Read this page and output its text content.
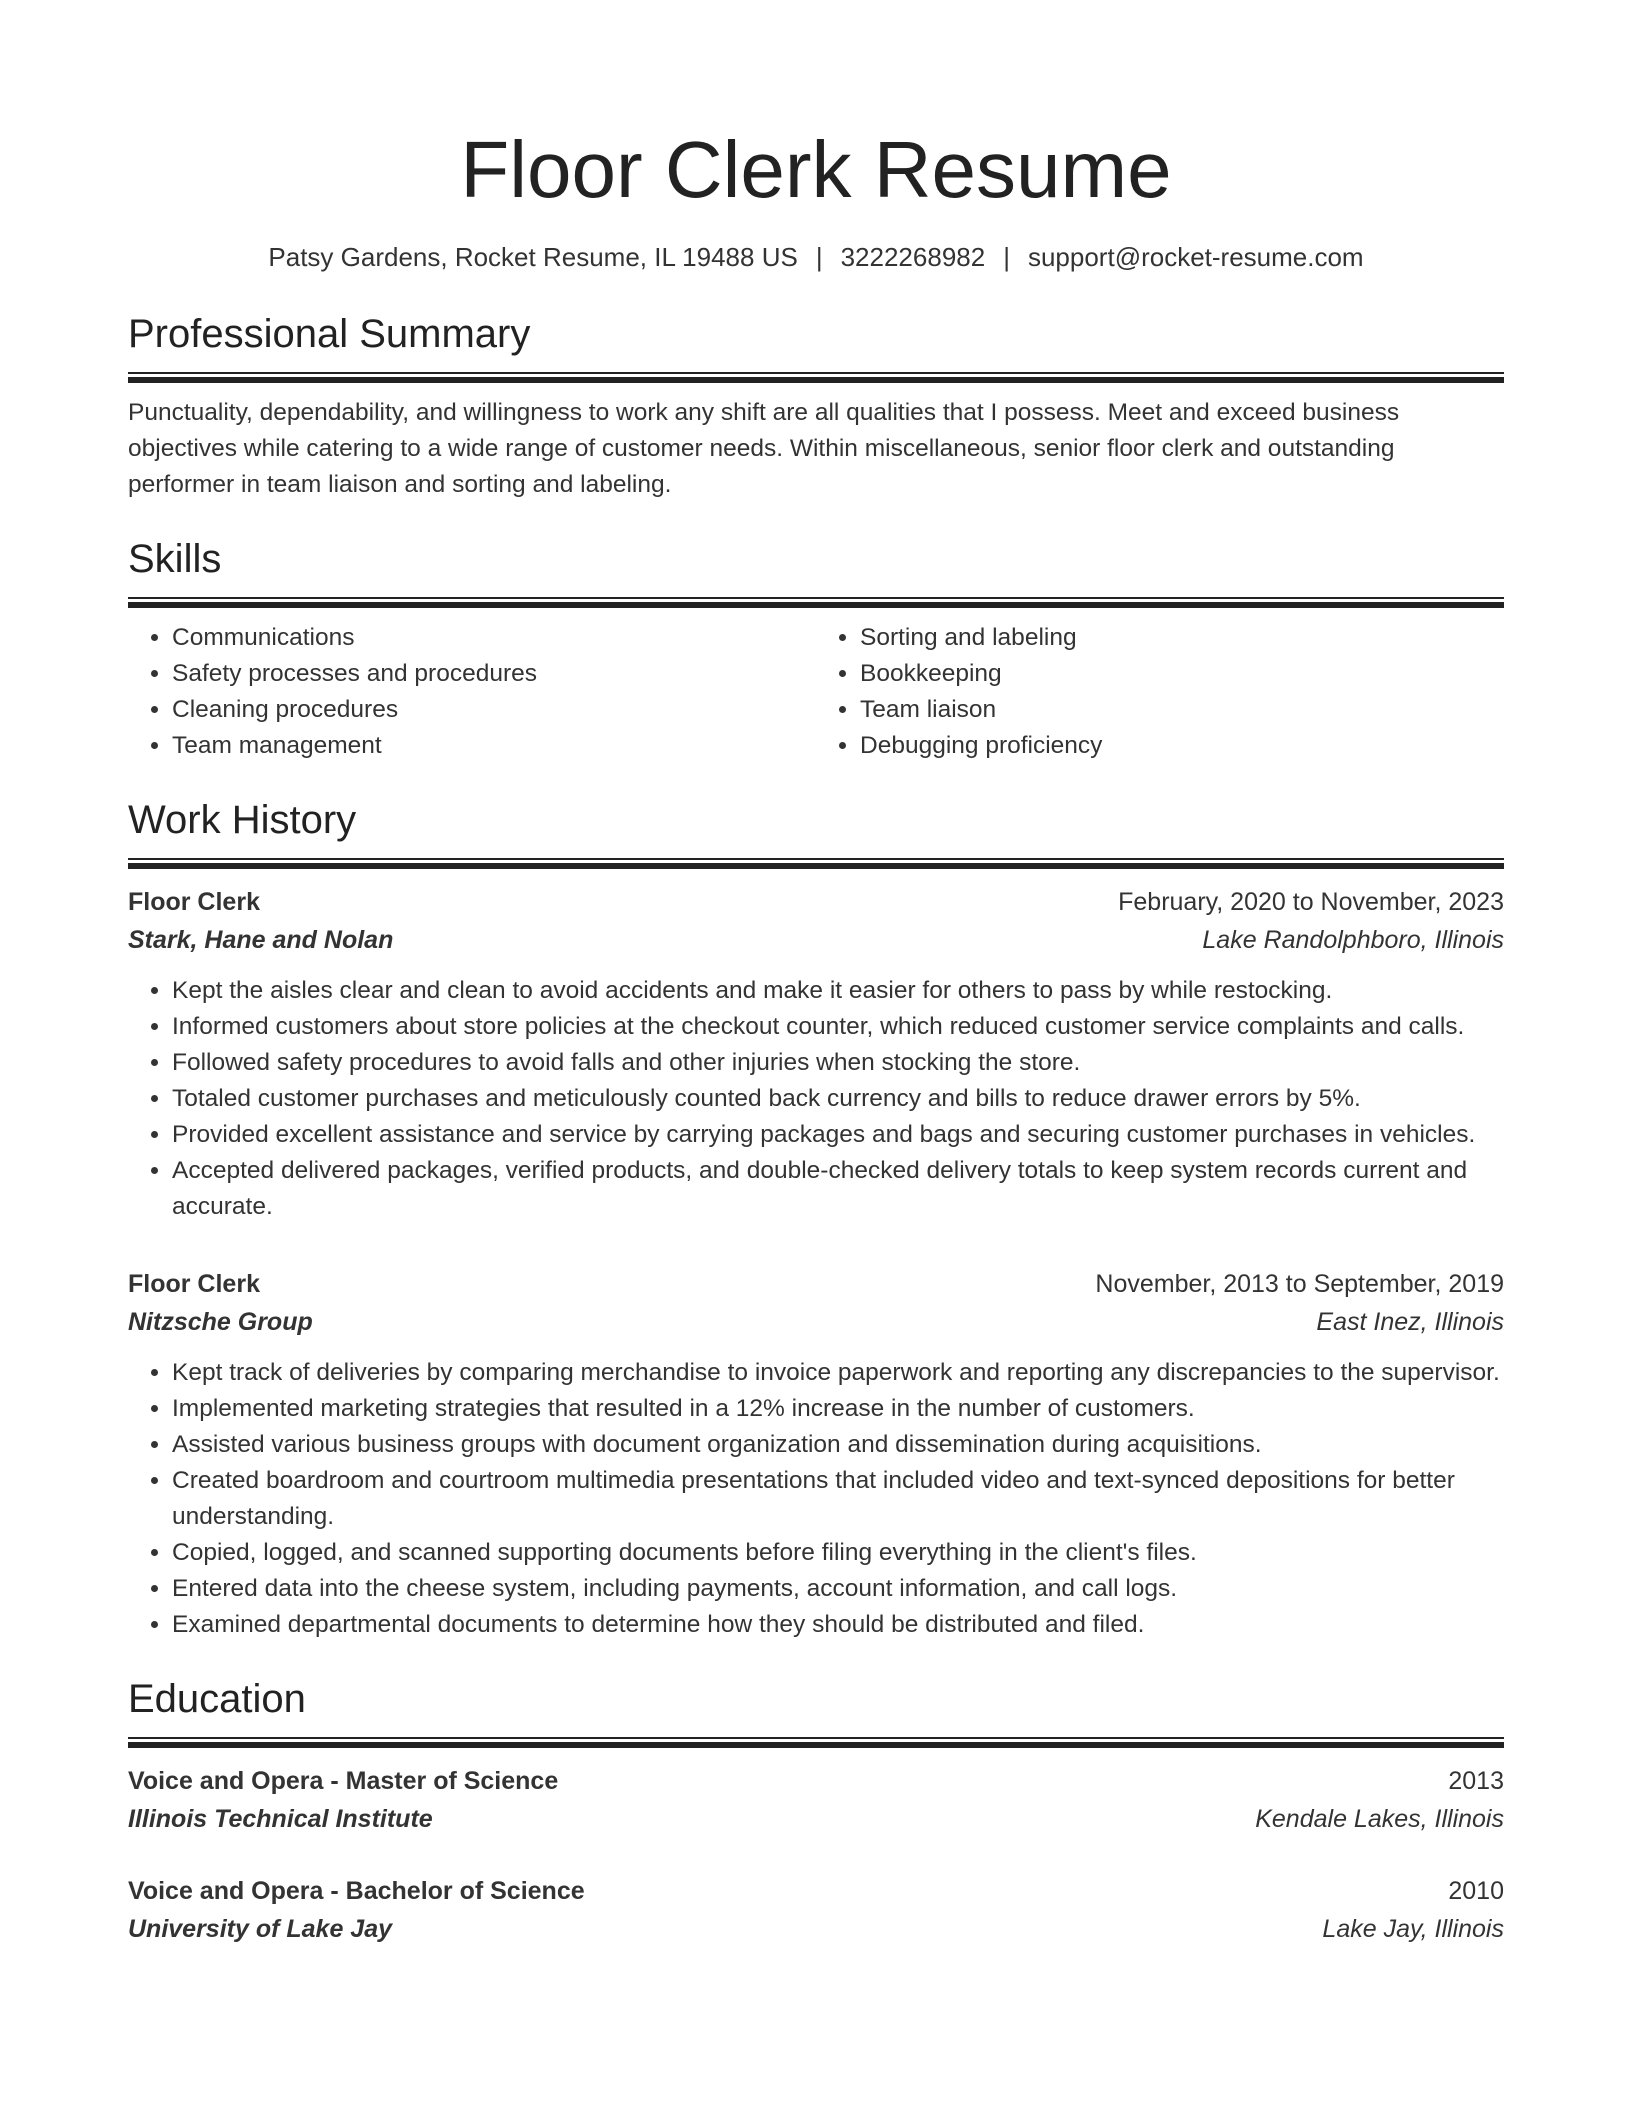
Floor Clerk Resume
Patsy Gardens, Rocket Resume, IL 19488 US | 3222268982 | support@rocket-resume.com
Professional Summary
Punctuality, dependability, and willingness to work any shift are all qualities that I possess. Meet and exceed business objectives while catering to a wide range of customer needs. Within miscellaneous, senior floor clerk and outstanding performer in team liaison and sorting and labeling.
Skills
• Communications
• Safety processes and procedures
• Cleaning procedures
• Team management
• Sorting and labeling
• Bookkeeping
• Team liaison
• Debugging proficiency
Work History
Floor Clerk	February, 2020 to November, 2023
Stark, Hane and Nolan	Lake Randolphboro, Illinois
• Kept the aisles clear and clean to avoid accidents and make it easier for others to pass by while restocking.
• Informed customers about store policies at the checkout counter, which reduced customer service complaints and calls.
• Followed safety procedures to avoid falls and other injuries when stocking the store.
• Totaled customer purchases and meticulously counted back currency and bills to reduce drawer errors by 5%.
• Provided excellent assistance and service by carrying packages and bags and securing customer purchases in vehicles.
• Accepted delivered packages, verified products, and double-checked delivery totals to keep system records current and accurate.
Floor Clerk	November, 2013 to September, 2019
Nitzsche Group	East Inez, Illinois
• Kept track of deliveries by comparing merchandise to invoice paperwork and reporting any discrepancies to the supervisor.
• Implemented marketing strategies that resulted in a 12% increase in the number of customers.
• Assisted various business groups with document organization and dissemination during acquisitions.
• Created boardroom and courtroom multimedia presentations that included video and text-synced depositions for better understanding.
• Copied, logged, and scanned supporting documents before filing everything in the client's files.
• Entered data into the cheese system, including payments, account information, and call logs.
• Examined departmental documents to determine how they should be distributed and filed.
Education
Voice and Opera - Master of Science	2013
Illinois Technical Institute	Kendale Lakes, Illinois
Voice and Opera - Bachelor of Science	2010
University of Lake Jay	Lake Jay, Illinois
